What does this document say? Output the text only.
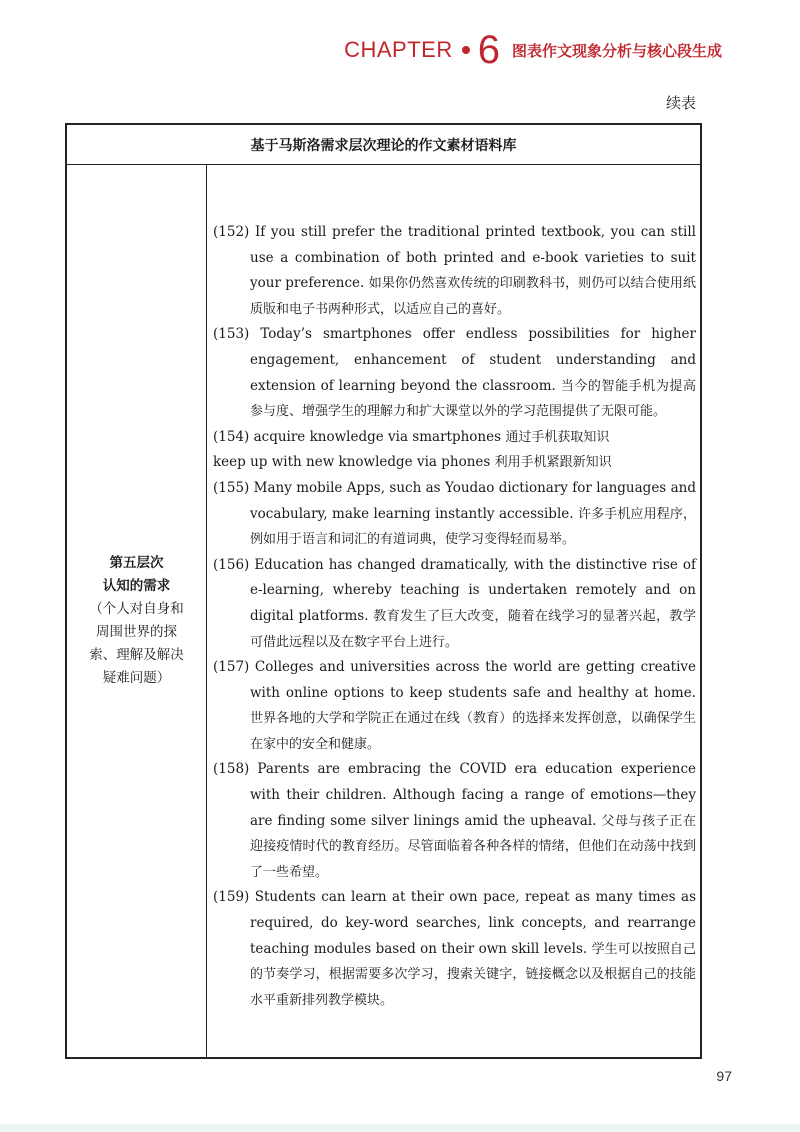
CHAPTER 6 图表作文现象分析与核心段生成
续表
基于马斯洛需求层次理论的作文素材语料库
第五层次
认知的需求
（个人对自身和
周围世界的探
索、理解及解决
疑难问题）
(152) If you still prefer the traditional printed textbook, you can still use a combination of both printed and e-book varieties to suit your preference. 如果你仍然喜欢传统的印刷教科书，则仍可以结合使用纸质版和电子书两种形式，以适应自己的喜好。
(153) Today’s smartphones offer endless possibilities for higher engagement, enhancement of student understanding and extension of learning beyond the classroom. 当今的智能手机为提高参与度、增强学生的理解力和扩大课堂以外的学习范围提供了无限可能。
(154) acquire knowledge via smartphones 通过手机获取知识
keep up with new knowledge via phones 利用手机紧跟新知识
(155) Many mobile Apps, such as Youdao dictionary for languages and vocabulary, make learning instantly accessible. 许多手机应用程序，例如用于语言和词汇的有道词典，使学习变得轻而易举。
(156) Education has changed dramatically, with the distinctive rise of e-learning, whereby teaching is undertaken remotely and on digital platforms. 教育发生了巨大改变，随着在线学习的显著兴起，教学可借此远程以及在数字平台上进行。
(157) Colleges and universities across the world are getting creative with online options to keep students safe and healthy at home. 世界各地的大学和学院正在通过在线（教育）的选择来发挥创意，以确保学生在家中的安全和健康。
(158) Parents are embracing the COVID era education experience with their children. Although facing a range of emotions—they are finding some silver linings amid the upheaval. 父母与孩子正在迎接疫情时代的教育经历。尽管面临着各种各样的情绪，但他们在动荡中找到了一些希望。
(159) Students can learn at their own pace, repeat as many times as required, do key-word searches, link concepts, and rearrange teaching modules based on their own skill levels. 学生可以按照自己的节奏学习，根据需要多次学习，搜索关键字，链接概念以及根据自己的技能水平重新排列教学模块。
97
